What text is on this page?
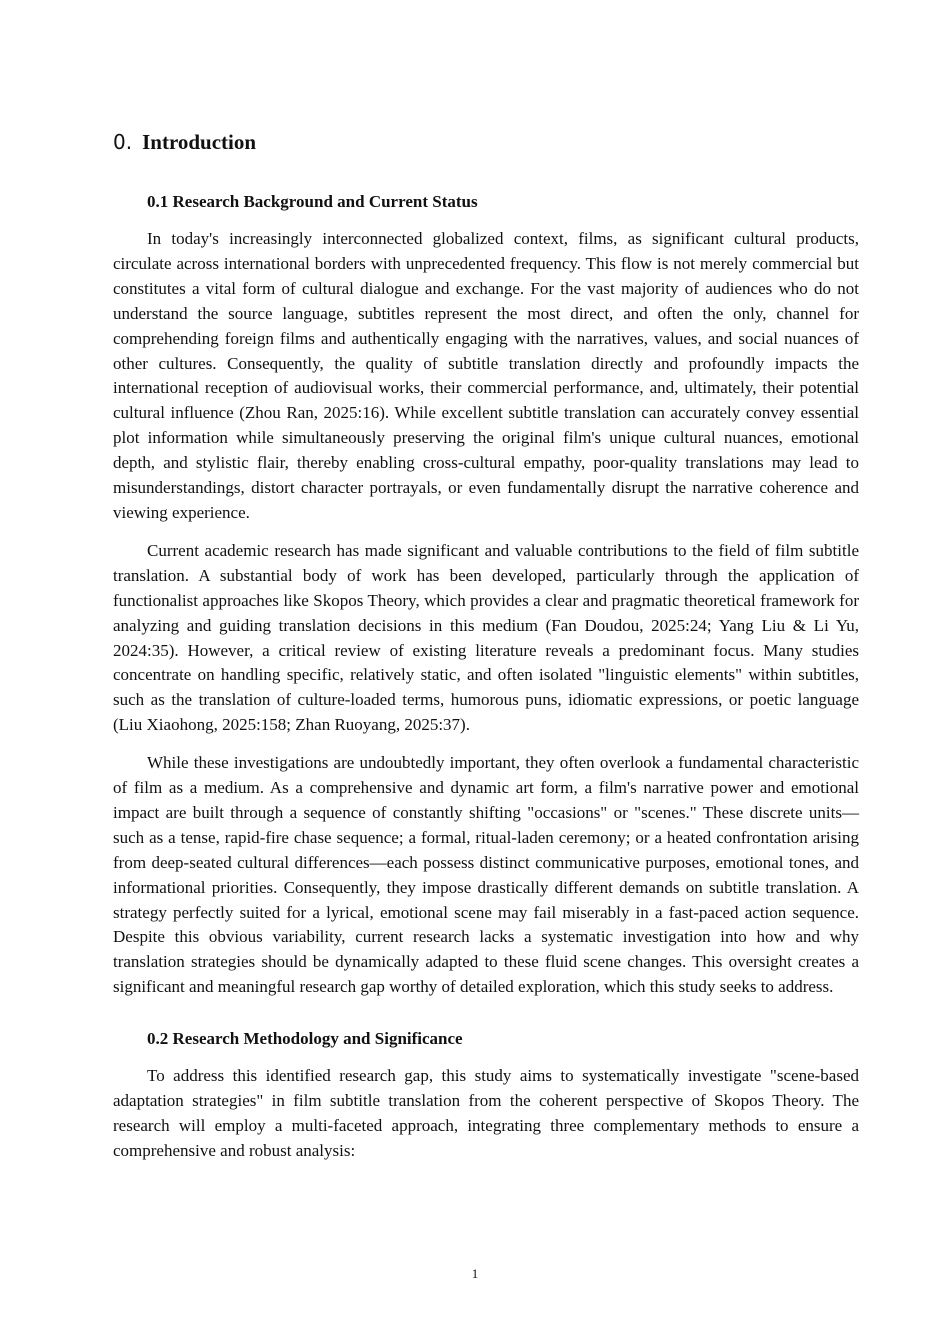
0. Introduction
0.1 Research Background and Current Status

In today's increasingly interconnected globalized context, films, as significant cultural products, circulate across international borders with unprecedented frequency. This flow is not merely commercial but constitutes a vital form of cultural dialogue and exchange. For the vast majority of audiences who do not understand the source language, subtitles represent the most direct, and often the only, channel for comprehending foreign films and authentically engaging with the narratives, values, and social nuances of other cultures. Consequently, the quality of subtitle translation directly and profoundly impacts the international reception of audiovisual works, their commercial performance, and, ultimately, their potential cultural influence (Zhou Ran, 2025:16). While excellent subtitle translation can accurately convey essential plot information while simultaneously preserving the original film's unique cultural nuances, emotional depth, and stylistic flair, thereby enabling cross-cultural empathy, poor-quality translations may lead to misunderstandings, distort character portrayals, or even fundamentally disrupt the narrative coherence and viewing experience.

Current academic research has made significant and valuable contributions to the field of film subtitle translation. A substantial body of work has been developed, particularly through the application of functionalist approaches like Skopos Theory, which provides a clear and pragmatic theoretical framework for analyzing and guiding translation decisions in this medium (Fan Doudou, 2025:24; Yang Liu & Li Yu, 2024:35). However, a critical review of existing literature reveals a predominant focus. Many studies concentrate on handling specific, relatively static, and often isolated "linguistic elements" within subtitles, such as the translation of culture-loaded terms, humorous puns, idiomatic expressions, or poetic language (Liu Xiaohong, 2025:158; Zhan Ruoyang, 2025:37).

While these investigations are undoubtedly important, they often overlook a fundamental characteristic of film as a medium. As a comprehensive and dynamic art form, a film's narrative power and emotional impact are built through a sequence of constantly shifting "occasions" or "scenes." These discrete units—such as a tense, rapid-fire chase sequence; a formal, ritual-laden ceremony; or a heated confrontation arising from deep-seated cultural differences—each possess distinct communicative purposes, emotional tones, and informational priorities. Consequently, they impose drastically different demands on subtitle translation. A strategy perfectly suited for a lyrical, emotional scene may fail miserably in a fast-paced action sequence. Despite this obvious variability, current research lacks a systematic investigation into how and why translation strategies should be dynamically adapted to these fluid scene changes. This oversight creates a significant and meaningful research gap worthy of detailed exploration, which this study seeks to address.

0.2 Research Methodology and Significance

To address this identified research gap, this study aims to systematically investigate "scene-based adaptation strategies" in film subtitle translation from the coherent perspective of Skopos Theory. The research will employ a multi-faceted approach, integrating three complementary methods to ensure a comprehensive and robust analysis:

1
